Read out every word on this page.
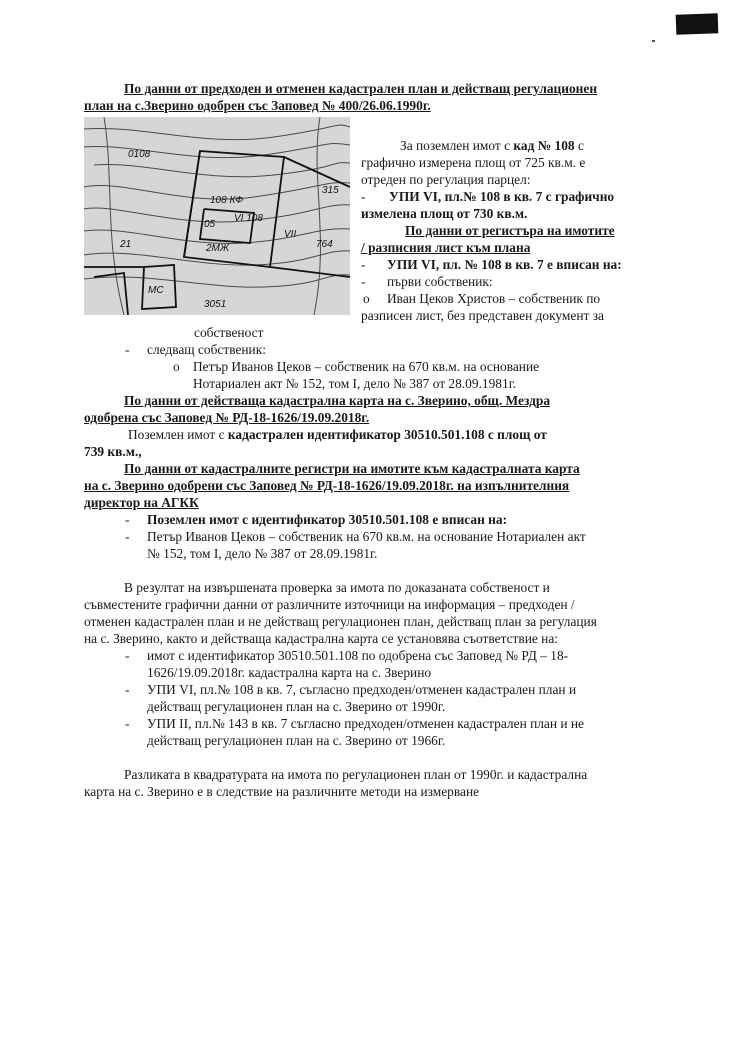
По данни от предходен и отменен кадастрален план и действащ регулационен
план на с.Зверино одобрен със Заповед № 400/26.06.1990г.
0108
108 КФ
VI 108
05
2МЖ
МС
315
764
3051
21
VII
За поземлен имот с кад № 108 с
графично измерена площ от 725 кв.м. е
отреден по регулация парцел:
- УПИ VI, пл.№ 108 в кв. 7 с графично
измелена площ от 730 кв.м.
По данни от регистъра на имотите
/ разписния лист към плана
- УПИ VI, пл. № 108 в кв. 7 е вписан на:
- първи собственик:
o Иван Цеков Христов – собственик по
разписен лист, без представен документ за
собственост
- следващ собственик:
o Петър Иванов Цеков – собственик на 670 кв.м. на основание
Нотариален акт № 152, том I, дело № 387 от 28.09.1981г.
По данни от действаща кадастрална карта на с. Зверино, общ. Мездра
одобрена със Заповед № РД-18-1626/19.09.2018г.
Поземлен имот с кадастрален идентификатор 30510.501.108 с площ от
739 кв.м.,
По данни от кадастралните регистри на имотите към кадастралната карта
на с. Зверино одобрени със Заповед № РД-18-1626/19.09.2018г. на изпълнителния
директор на АГКК
- Поземлен имот с идентификатор 30510.501.108 е вписан на:
- Петър Иванов Цеков – собственик на 670 кв.м. на основание Нотариален акт
№ 152, том I, дело № 387 от 28.09.1981г.
В резултат на извършената проверка за имота по доказаната собственост и
съвместените графични данни от различните източници на информация – предходен /
отменен кадастрален план и не действащ регулационен план, действащ план за регулация
на с. Зверино, както и действаща кадастрална карта се установява съответствие на:
- имот с идентификатор 30510.501.108 по одобрена със Заповед № РД – 18-
1626/19.09.2018г. кадастрална карта на с. Зверино
- УПИ VI, пл.№ 108 в кв. 7, съгласно предходен/отменен кадастрален план и
действащ регулационен план на с. Зверино от 1990г.
- УПИ II, пл.№ 143 в кв. 7 съгласно предходен/отменен кадастрален план и не
действащ регулационен план на с. Зверино от 1966г.
Разликата в квадратурата на имота по регулационен план от 1990г. и кадастрална
карта на с. Зверино е в следствие на различните методи на измерване
